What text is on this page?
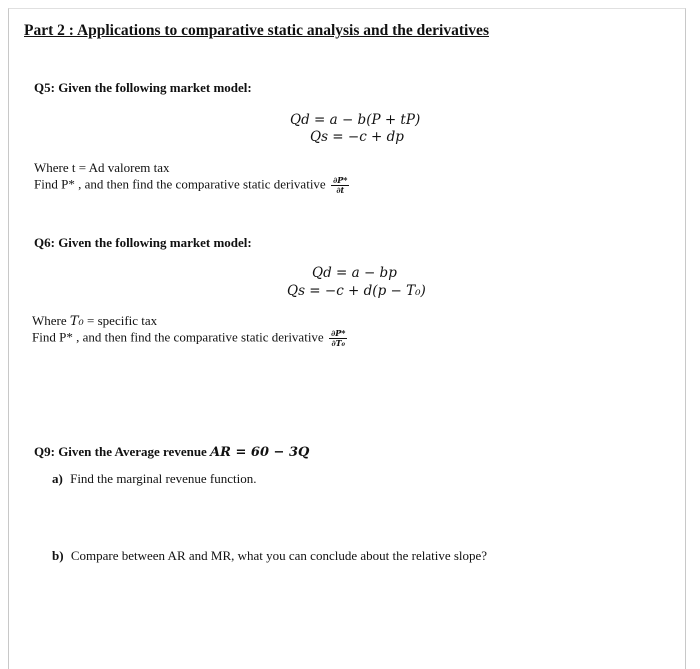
Part 2 : Applications to comparative static analysis and the derivatives
Q5: Given the following market model:
Qd = a − b(P + tP)
Qs = −c + dp
Where t = Ad valorem tax
Find P* , and then find the comparative static derivative $\frac{\partial P*}{\partial t}$
Q6: Given the following market model:
Qd = a − bp
Qs = −c + d(p − T₀)
Where T₀ = specific tax
Find P* , and then find the comparative static derivative $\frac{\partial P*}{\text{∂T₀}}$
Q9: Given the Average revenue AR = 60 − 3Q
a) Find the marginal revenue function.
b) Compare between AR and MR, what you can conclude about the relative slope?
